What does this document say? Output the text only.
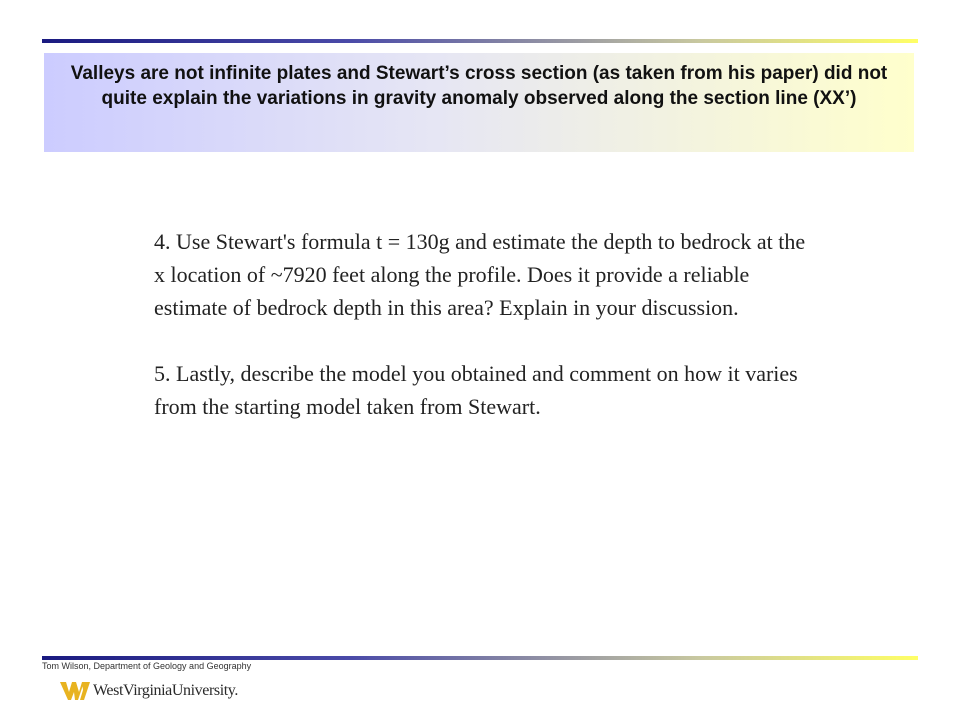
Valleys are not infinite plates and Stewart’s cross section (as taken from his paper) did not quite explain the variations in gravity anomaly observed along the section line (XX’)

4. Use Stewart's formula t = 130g and estimate the depth to bedrock at the x location of ~7920 feet along the profile. Does it provide a reliable estimate of bedrock depth in this area? Explain in your discussion.

5. Lastly, describe the model you obtained and comment on how it varies from the starting model taken from Stewart.

Tom Wilson, Department of Geology and Geography
WestVirginiaUniversity.
